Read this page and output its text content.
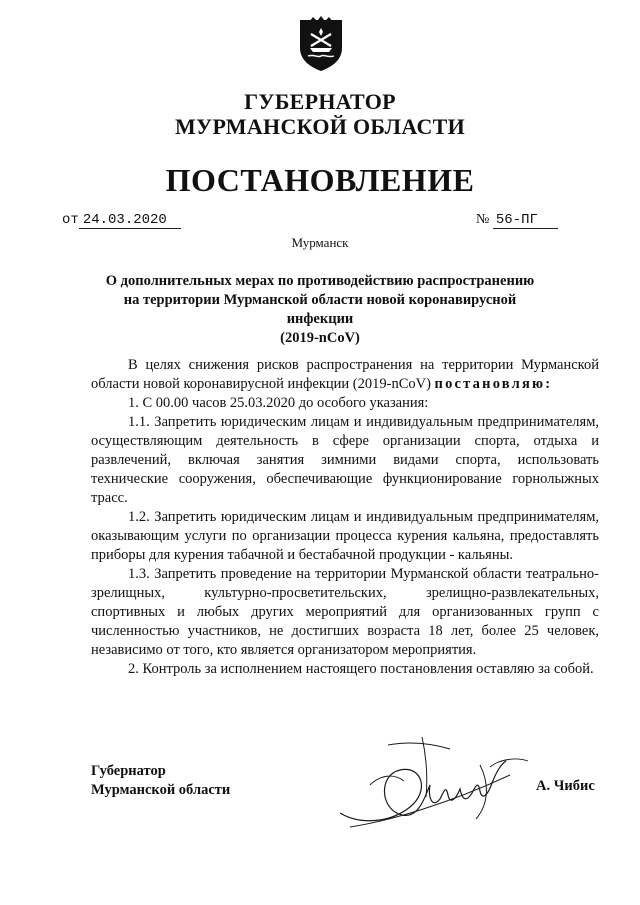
ГУБЕРНАТОР
МУРМАНСКОЙ ОБЛАСТИ
ПОСТАНОВЛЕНИЕ
от 24.03.2020	№ 56-ПГ
Мурманск
О дополнительных мерах по противодействию распространению
на территории Мурманской области новой коронавирусной инфекции
(2019-nCoV)

В целях снижения рисков распространения на территории Мурманской области новой коронавирусной инфекции (2019-nCoV) постановляю:

1. С 00.00 часов 25.03.2020 до особого указания:

1.1. Запретить юридическим лицам и индивидуальным предпринимателям, осуществляющим деятельность в сфере организации спорта, отдыха и развлечений, включая занятия зимними видами спорта, использовать технические сооружения, обеспечивающие функционирование горнолыжных трасс.

1.2. Запретить юридическим лицам и индивидуальным предпринимателям, оказывающим услуги по организации процесса курения кальяна, предоставлять приборы для курения табачной и бестабачной продукции - кальяны.

1.3. Запретить проведение на территории Мурманской области театрально-зрелищных, культурно-просветительских, зрелищно-развлекательных, спортивных и любых других мероприятий для организованных групп с численностью участников, не достигших возраста 18 лет, более 25 человек, независимо от того, кто является организатором мероприятия.

2. Контроль за исполнением настоящего постановления оставляю за собой.

Губернатор
Мурманской области	А. Чибис
